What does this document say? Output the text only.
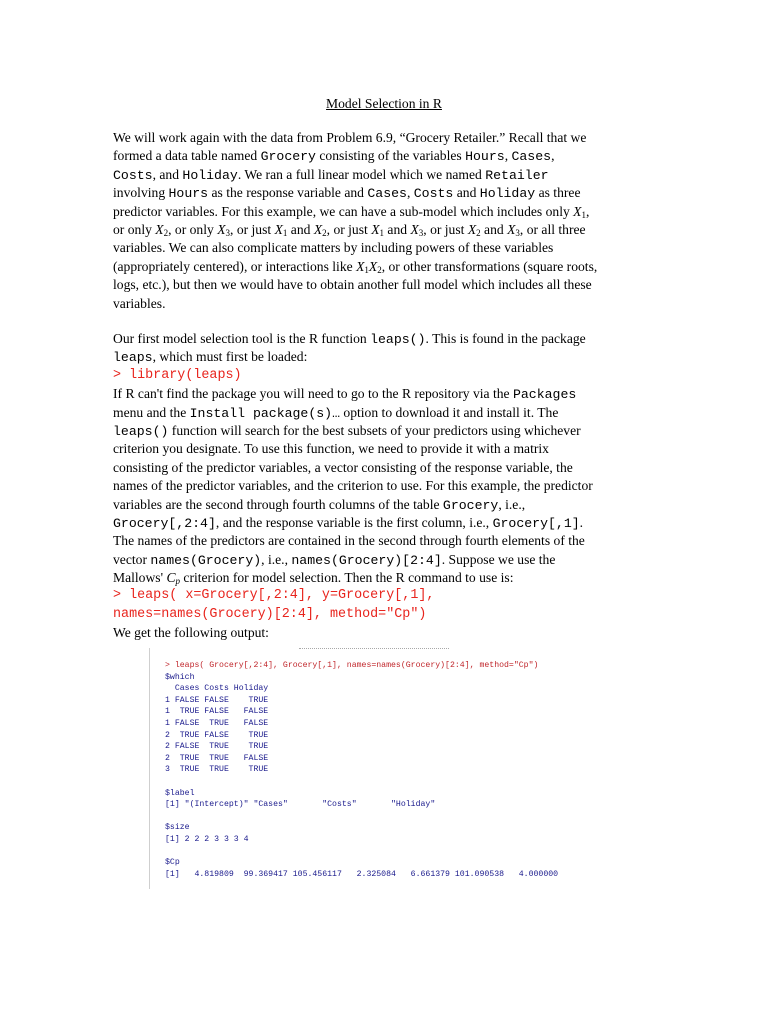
Model Selection in R
We will work again with the data from Problem 6.9, “Grocery Retailer.” Recall that we
formed a data table named Grocery consisting of the variables Hours, Cases,
Costs, and Holiday. We ran a full linear model which we named Retailer
involving Hours as the response variable and Cases, Costs and Holiday as three
predictor variables. For this example, we can have a sub-model which includes only $X_1$,
or only $X_2$, or only $X_3$, or just $X_1$ and $X_2$, or just $X_1$ and $X_3$, or just $X_2$ and $X_3$, or all three
variables. We can also complicate matters by including powers of these variables
(appropriately centered), or interactions like $X_1X_2$, or other transformations (square roots,
logs, etc.), but then we would have to obtain another full model which includes all these
variables.
Our first model selection tool is the R function leaps(). This is found in the package
leaps, which must first be loaded:
> library(leaps)
If R can't find the package you will need to go to the R repository via the Packages
menu and the Install package(s)… option to download it and install it. The
leaps() function will search for the best subsets of your predictors using whichever
criterion you designate. To use this function, we need to provide it with a matrix
consisting of the predictor variables, a vector consisting of the response variable, the
names of the predictor variables, and the criterion to use. For this example, the predictor
variables are the second through fourth columns of the table Grocery, i.e.,
Grocery[,2:4], and the response variable is the first column, i.e., Grocery[,1].
The names of the predictors are contained in the second through fourth elements of the
vector names(Grocery), i.e., names(Grocery)[2:4]. Suppose we use the
Mallows' $C_p$ criterion for model selection. Then the R command to use is:
> leaps( x=Grocery[,2:4], y=Grocery[,1],
names=names(Grocery)[2:4], method="Cp")
We get the following output:
> leaps( Grocery[,2:4], Grocery[,1], names=names(Grocery)[2:4], method="Cp")
$which
Cases Costs Holiday
1 FALSE FALSE    TRUE
1  TRUE FALSE   FALSE
1 FALSE  TRUE   FALSE
2  TRUE FALSE    TRUE
2 FALSE  TRUE    TRUE
2  TRUE  TRUE   FALSE
3  TRUE  TRUE    TRUE

$label
[1] "(Intercept)" "Cases"       "Costs"       "Holiday"

$size
[1] 2 2 2 3 3 3 4

$Cp
[1]   4.819809  99.369417 105.456117   2.325084   6.661379 101.090538   4.000000
